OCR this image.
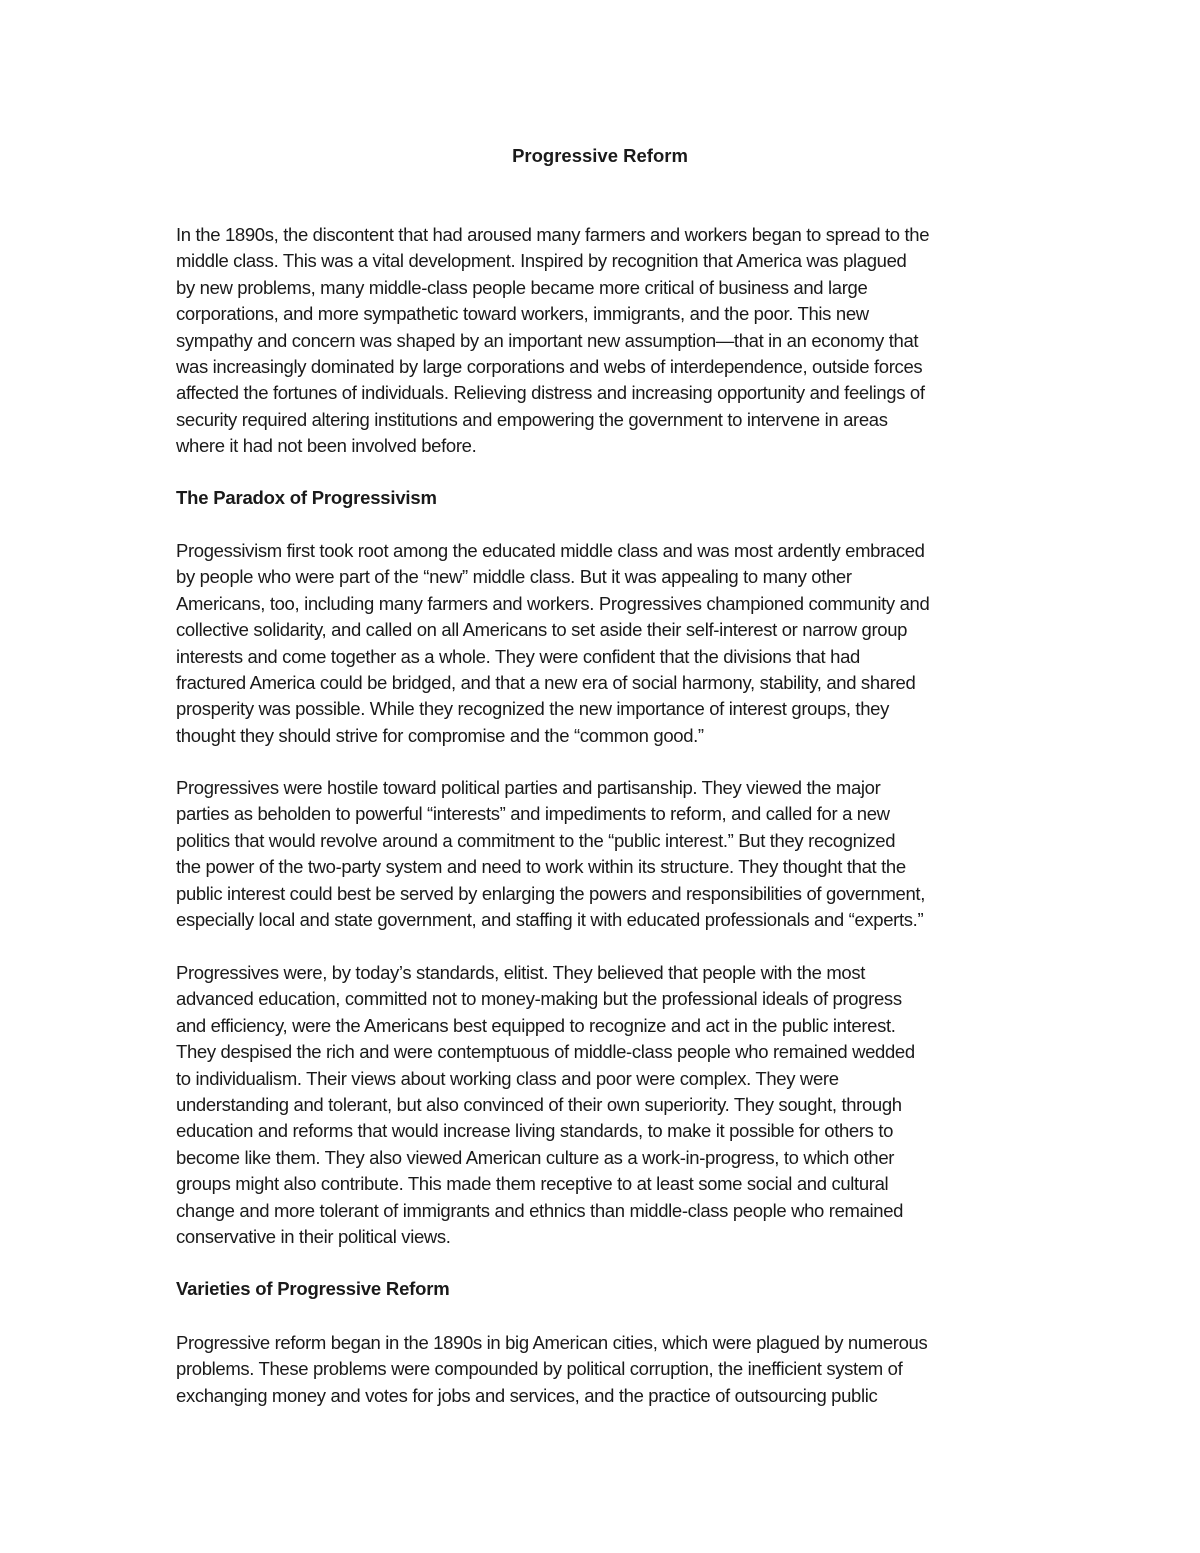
Progressive Reform

In the 1890s, the discontent that had aroused many farmers and workers began to spread to the
middle class. This was a vital development. Inspired by recognition that America was plagued
by new problems, many middle-class people became more critical of business and large
corporations, and more sympathetic toward workers, immigrants, and the poor. This new
sympathy and concern was shaped by an important new assumption—that in an economy that
was increasingly dominated by large corporations and webs of interdependence, outside forces
affected the fortunes of individuals. Relieving distress and increasing opportunity and feelings of
security required altering institutions and empowering the government to intervene in areas
where it had not been involved before.

The Paradox of Progressivism

Progessivism first took root among the educated middle class and was most ardently embraced
by people who were part of the “new” middle class. But it was appealing to many other
Americans, too, including many farmers and workers. Progressives championed community and
collective solidarity, and called on all Americans to set aside their self-interest or narrow group
interests and come together as a whole. They were confident that the divisions that had
fractured America could be bridged, and that a new era of social harmony, stability, and shared
prosperity was possible. While they recognized the new importance of interest groups, they
thought they should strive for compromise and the “common good.”

Progressives were hostile toward political parties and partisanship. They viewed the major
parties as beholden to powerful “interests” and impediments to reform, and called for a new
politics that would revolve around a commitment to the “public interest.” But they recognized
the power of the two-party system and need to work within its structure. They thought that the
public interest could best be served by enlarging the powers and responsibilities of government,
especially local and state government, and staffing it with educated professionals and “experts.”

Progressives were, by today’s standards, elitist. They believed that people with the most
advanced education, committed not to money-making but the professional ideals of progress
and efficiency, were the Americans best equipped to recognize and act in the public interest.
They despised the rich and were contemptuous of middle-class people who remained wedded
to individualism. Their views about working class and poor were complex. They were
understanding and tolerant, but also convinced of their own superiority. They sought, through
education and reforms that would increase living standards, to make it possible for others to
become like them. They also viewed American culture as a work-in-progress, to which other
groups might also contribute. This made them receptive to at least some social and cultural
change and more tolerant of immigrants and ethnics than middle-class people who remained
conservative in their political views.

Varieties of Progressive Reform

Progressive reform began in the 1890s in big American cities, which were plagued by numerous
problems. These problems were compounded by political corruption, the inefficient system of
exchanging money and votes for jobs and services, and the practice of outsourcing public
